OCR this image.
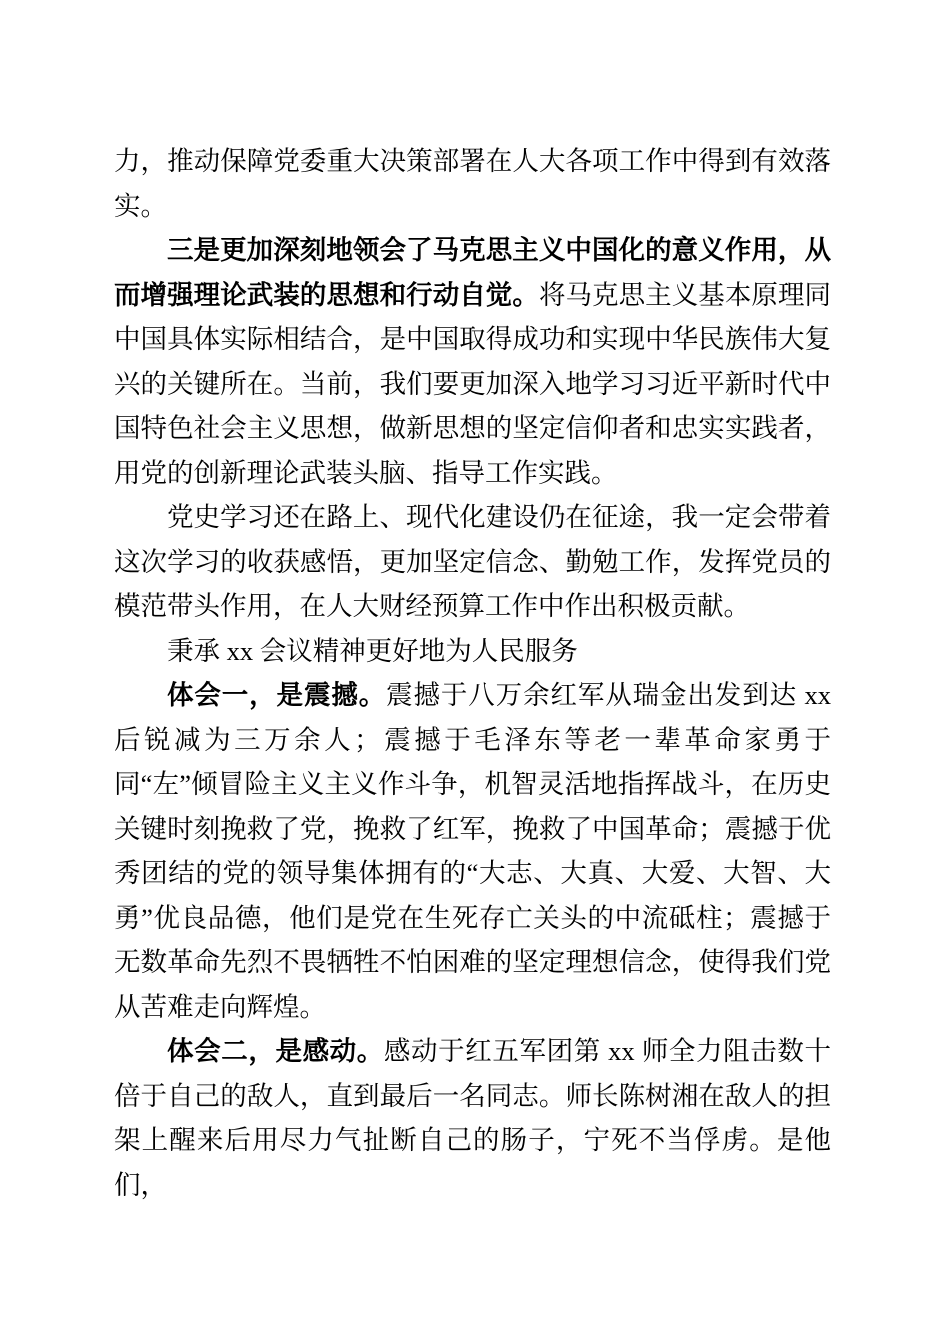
力，推动保障党委重大决策部署在人大各项工作中得到有效落实。

三是更加深刻地领会了马克思主义中国化的意义作用，从而增强理论武装的思想和行动自觉。将马克思主义基本原理同中国具体实际相结合，是中国取得成功和实现中华民族伟大复兴的关键所在。当前，我们要更加深入地学习习近平新时代中国特色社会主义思想，做新思想的坚定信仰者和忠实实践者，用党的创新理论武装头脑、指导工作实践。

党史学习还在路上、现代化建设仍在征途，我一定会带着这次学习的收获感悟，更加坚定信念、勤勉工作，发挥党员的模范带头作用，在人大财经预算工作中作出积极贡献。

秉承 xx 会议精神更好地为人民服务

体会一，是震撼。震撼于八万余红军从瑞金出发到达 xx 后锐减为三万余人；震撼于毛泽东等老一辈革命家勇于同“左”倾冒险主义主义作斗争，机智灵活地指挥战斗，在历史关键时刻挽救了党，挽救了红军，挽救了中国革命；震撼于优秀团结的党的领导集体拥有的“大志、大真、大爱、大智、大勇”优良品德，他们是党在生死存亡关头的中流砥柱；震撼于无数革命先烈不畏牺牲不怕困难的坚定理想信念，使得我们党从苦难走向辉煌。

体会二，是感动。感动于红五军团第 xx 师全力阻击数十倍于自己的敌人，直到最后一名同志。师长陈树湘在敌人的担架上醒来后用尽力气扯断自己的肠子，宁死不当俘虏。是他们，
